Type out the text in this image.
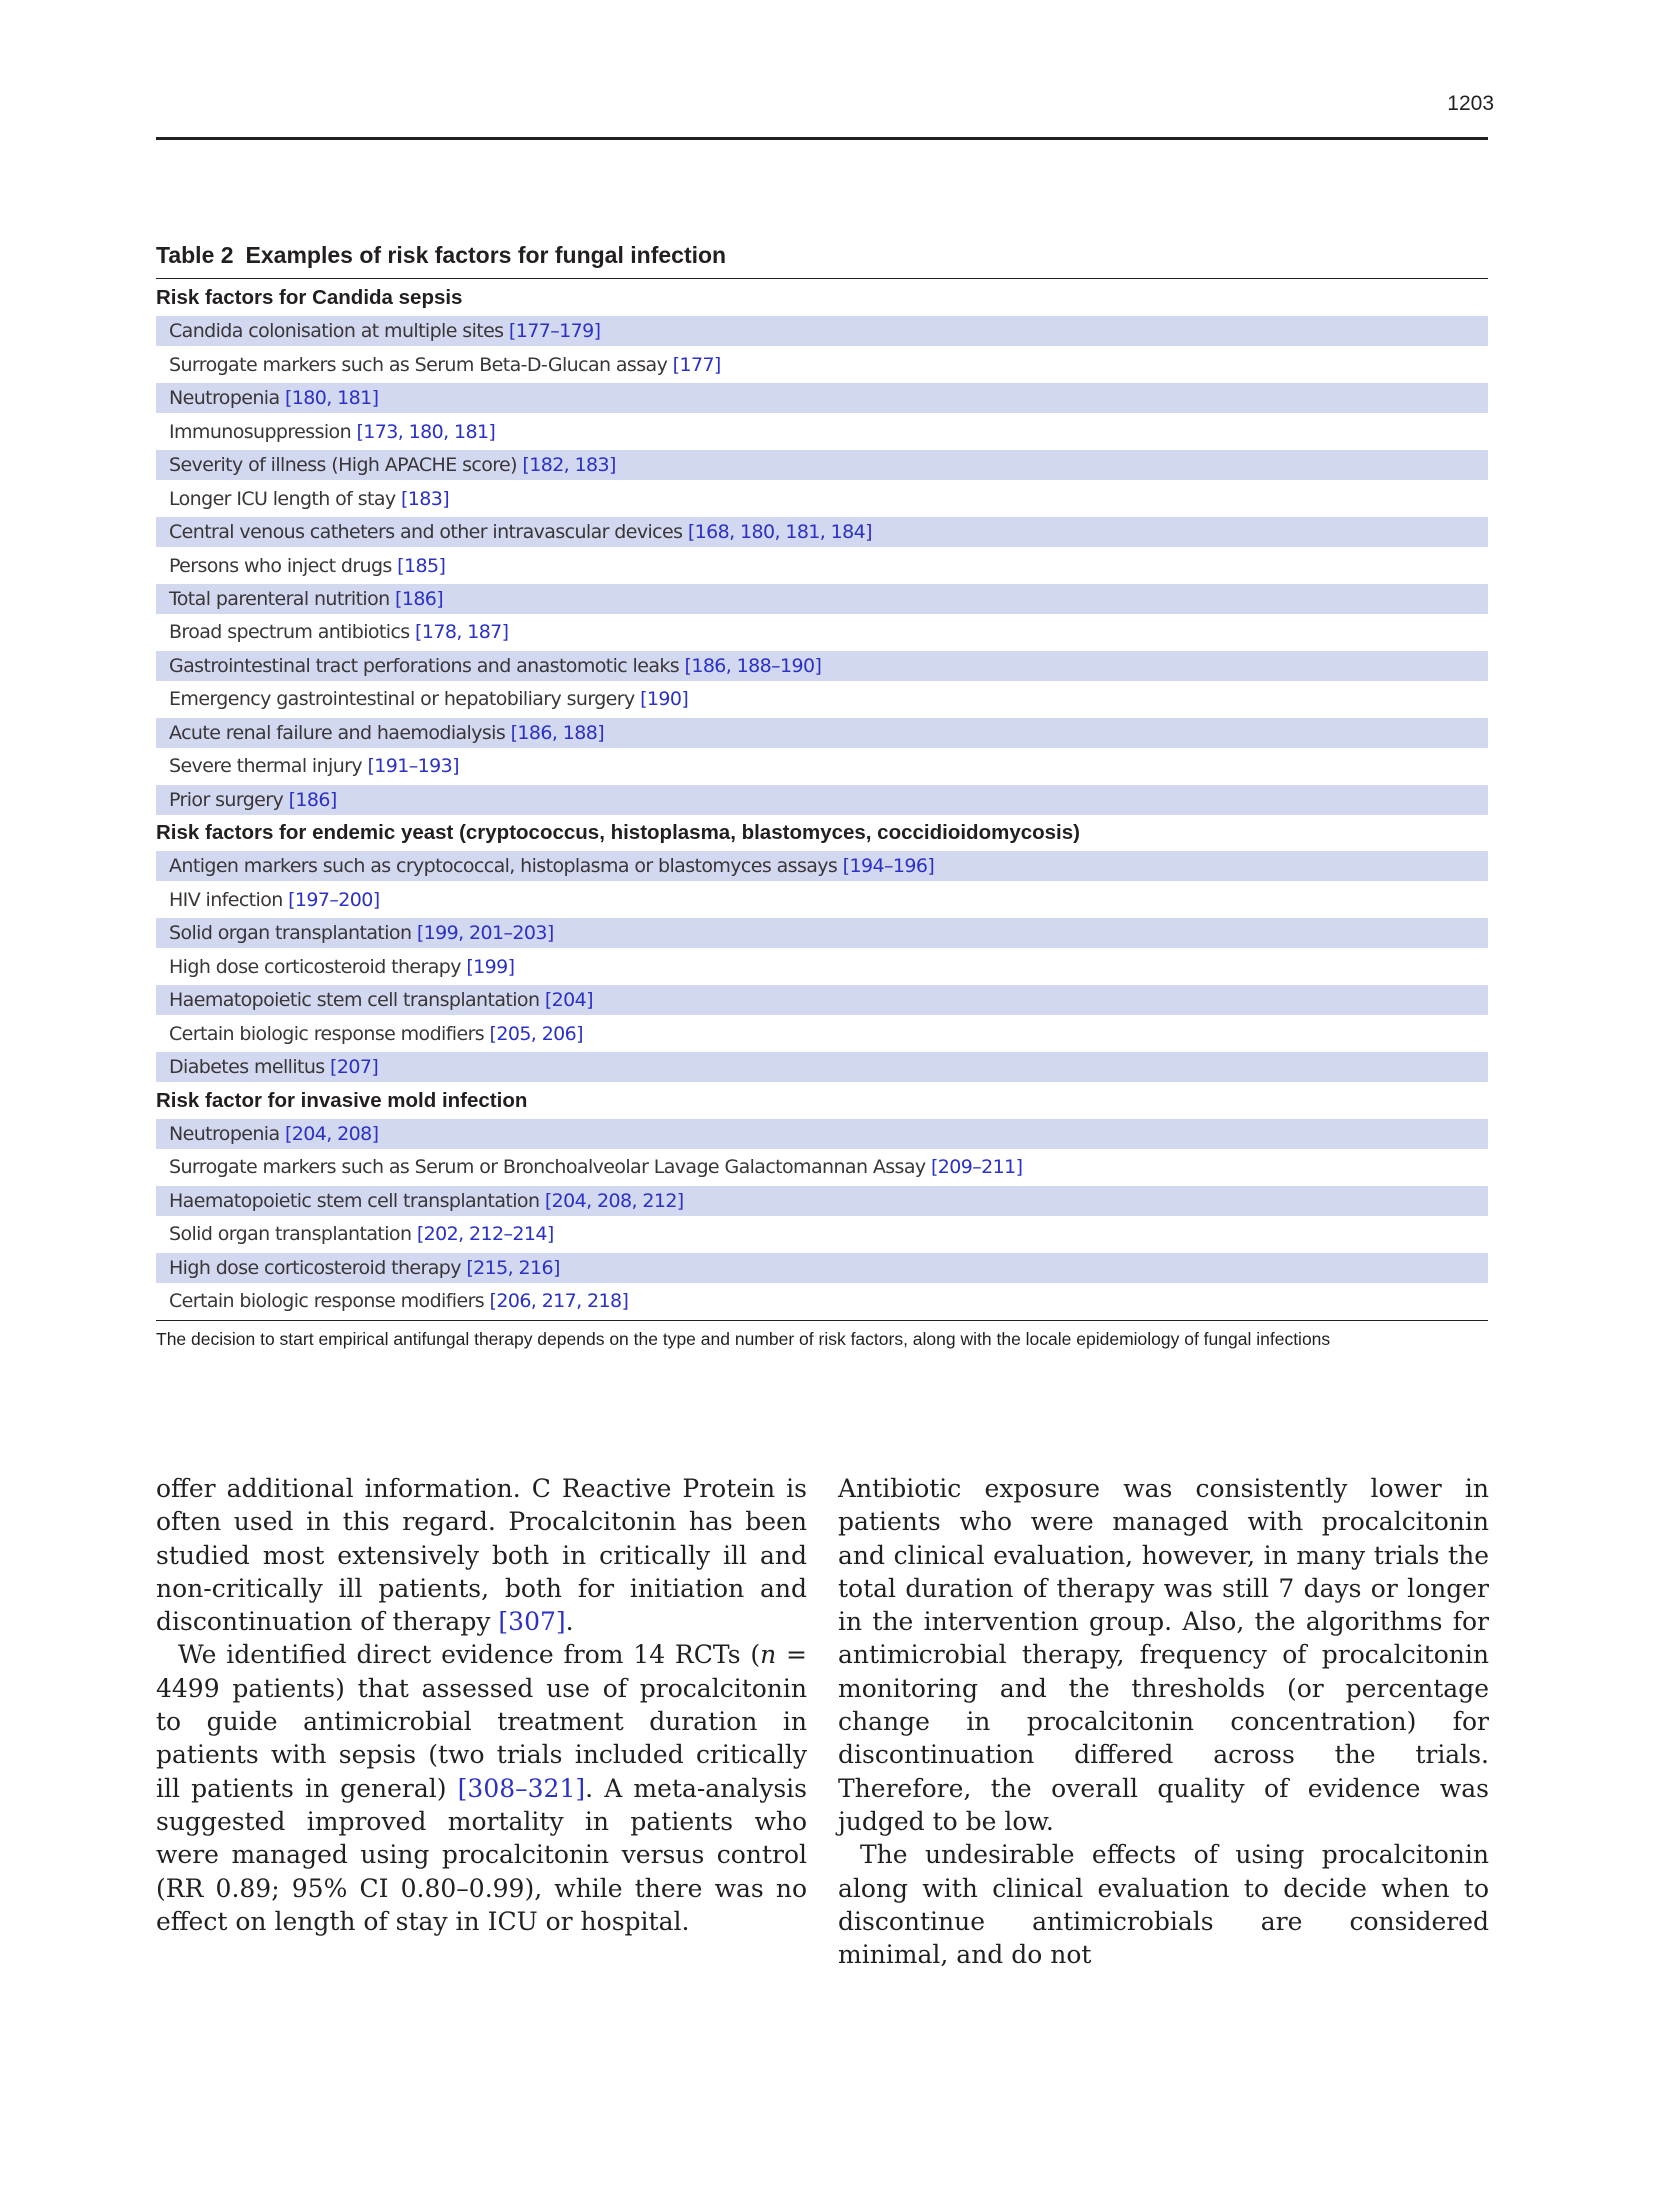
1203
Table 2 Examples of risk factors for fungal infection
Risk factors for Candida sepsis
Candida colonisation at multiple sites [177–179]
Surrogate markers such as Serum Beta-D-Glucan assay [177]
Neutropenia [180, 181]
Immunosuppression [173, 180, 181]
Severity of illness (High APACHE score) [182, 183]
Longer ICU length of stay [183]
Central venous catheters and other intravascular devices [168, 180, 181, 184]
Persons who inject drugs [185]
Total parenteral nutrition [186]
Broad spectrum antibiotics [178, 187]
Gastrointestinal tract perforations and anastomotic leaks [186, 188–190]
Emergency gastrointestinal or hepatobiliary surgery [190]
Acute renal failure and haemodialysis [186, 188]
Severe thermal injury [191–193]
Prior surgery [186]
Risk factors for endemic yeast (cryptococcus, histoplasma, blastomyces, coccidioidomycosis)
Antigen markers such as cryptococcal, histoplasma or blastomyces assays [194–196]
HIV infection [197–200]
Solid organ transplantation [199, 201–203]
High dose corticosteroid therapy [199]
Haematopoietic stem cell transplantation [204]
Certain biologic response modifiers [205, 206]
Diabetes mellitus [207]
Risk factor for invasive mold infection
Neutropenia [204, 208]
Surrogate markers such as Serum or Bronchoalveolar Lavage Galactomannan Assay [209–211]
Haematopoietic stem cell transplantation [204, 208, 212]
Solid organ transplantation [202, 212–214]
High dose corticosteroid therapy [215, 216]
Certain biologic response modifiers [206, 217, 218]
The decision to start empirical antifungal therapy depends on the type and number of risk factors, along with the locale epidemiology of fungal infections

offer additional information. C Reactive Protein is often used in this regard. Procalcitonin has been studied most extensively both in critically ill and non-critically ill patients, both for initiation and discontinuation of therapy [307].

We identified direct evidence from 14 RCTs (n = 4499 patients) that assessed use of procalcitonin to guide antimicrobial treatment duration in patients with sepsis (two trials included critically ill patients in general) [308–321]. A meta-analysis suggested improved mortality in patients who were managed using procalcitonin versus control (RR 0.89; 95% CI 0.80–0.99), while there was no effect on length of stay in ICU or hospital.

Antibiotic exposure was consistently lower in patients who were managed with procalcitonin and clinical evaluation, however, in many trials the total duration of therapy was still 7 days or longer in the intervention group. Also, the algorithms for antimicrobial therapy, frequency of procalcitonin monitoring and the thresholds (or percentage change in procalcitonin concentration) for discontinuation differed across the trials. Therefore, the overall quality of evidence was judged to be low.

The undesirable effects of using procalcitonin along with clinical evaluation to decide when to discontinue antimicrobials are considered minimal, and do not
